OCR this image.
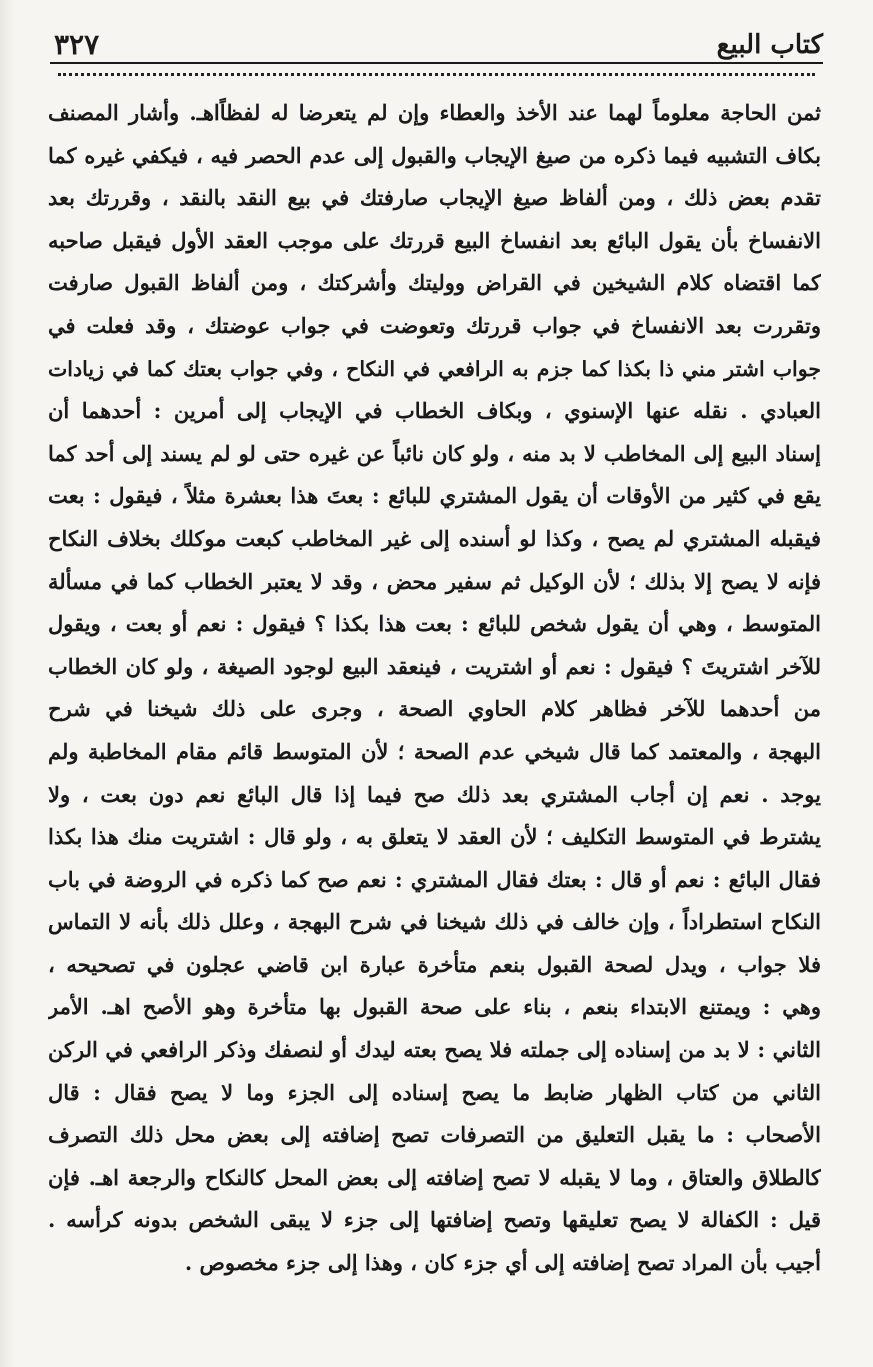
كتاب البيع
٣٢٧
ثمن الحاجة معلوماً لهما عند الأخذ والعطاء وإن لم يتعرضا له لفظاًاهـ. وأشار المصنف
بكاف التشبيه فيما ذكره من صيغ الإيجاب والقبول إلى عدم الحصر فيه ، فيكفي غيره كما
تقدم بعض ذلك ، ومن ألفاظ صيغ الإيجاب صارفتك في بيع النقد بالنقد ، وقررتك بعد
الانفساخ بأن يقول البائع بعد انفساخ البيع قررتك على موجب العقد الأول فيقبل صاحبه
كما اقتضاه كلام الشيخين في القراض ووليتك وأشركتك ، ومن ألفاظ القبول صارفت
وتقررت بعد الانفساخ في جواب قررتك وتعوضت في جواب عوضتك ، وقد فعلت في
جواب اشتر مني ذا بكذا كما جزم به الرافعي في النكاح ، وفي جواب بعتك كما في زيادات
العبادي . نقله عنها الإسنوي ، وبكاف الخطاب في الإيجاب إلى أمرين : أحدهما أن
إسناد البيع إلى المخاطب لا بد منه ، ولو كان نائباً عن غيره حتى لو لم يسند إلى أحد كما
يقع في كثير من الأوقات أن يقول المشتري للبائع : بعتَ هذا بعشرة مثلاً ، فيقول : بعت
فيقبله المشتري لم يصح ، وكذا لو أسنده إلى غير المخاطب كبعت موكلك بخلاف النكاح
فإنه لا يصح إلا بذلك ؛ لأن الوكيل ثم سفير محض ، وقد لا يعتبر الخطاب كما في مسألة
المتوسط ، وهي أن يقول شخص للبائع : بعت هذا بكذا ؟ فيقول : نعم أو بعت ، ويقول
للآخر اشتريتَ ؟ فيقول : نعم أو اشتريت ، فينعقد البيع لوجود الصيغة ، ولو كان الخطاب
من أحدهما للآخر فظاهر كلام الحاوي الصحة ، وجرى على ذلك شيخنا في شرح
البهجة ، والمعتمد كما قال شيخي عدم الصحة ؛ لأن المتوسط قائم مقام المخاطبة ولم
يوجد . نعم إن أجاب المشتري بعد ذلك صح فيما إذا قال البائع نعم دون بعت ، ولا
يشترط في المتوسط التكليف ؛ لأن العقد لا يتعلق به ، ولو قال : اشتريت منك هذا بكذا
فقال البائع : نعم أو قال : بعتك فقال المشتري : نعم صح كما ذكره في الروضة في باب
النكاح استطراداً ، وإن خالف في ذلك شيخنا في شرح البهجة ، وعلل ذلك بأنه لا التماس
فلا جواب ، ويدل لصحة القبول بنعم متأخرة عبارة ابن قاضي عجلون في تصحيحه ،
وهي : ويمتنع الابتداء بنعم ، بناء على صحة القبول بها متأخرة وهو الأصح اهـ. الأمر
الثاني : لا بد من إسناده إلى جملته فلا يصح بعته ليدك أو لنصفك وذكر الرافعي في الركن
الثاني من كتاب الظهار ضابط ما يصح إسناده إلى الجزء وما لا يصح فقال : قال
الأصحاب : ما يقبل التعليق من التصرفات تصح إضافته إلى بعض محل ذلك التصرف
كالطلاق والعتاق ، وما لا يقبله لا تصح إضافته إلى بعض المحل كالنكاح والرجعة اهـ. فإن
قيل : الكفالة لا يصح تعليقها وتصح إضافتها إلى جزء لا يبقى الشخص بدونه كرأسه .
أجيب بأن المراد تصح إضافته إلى أي جزء كان ، وهذا إلى جزء مخصوص .
